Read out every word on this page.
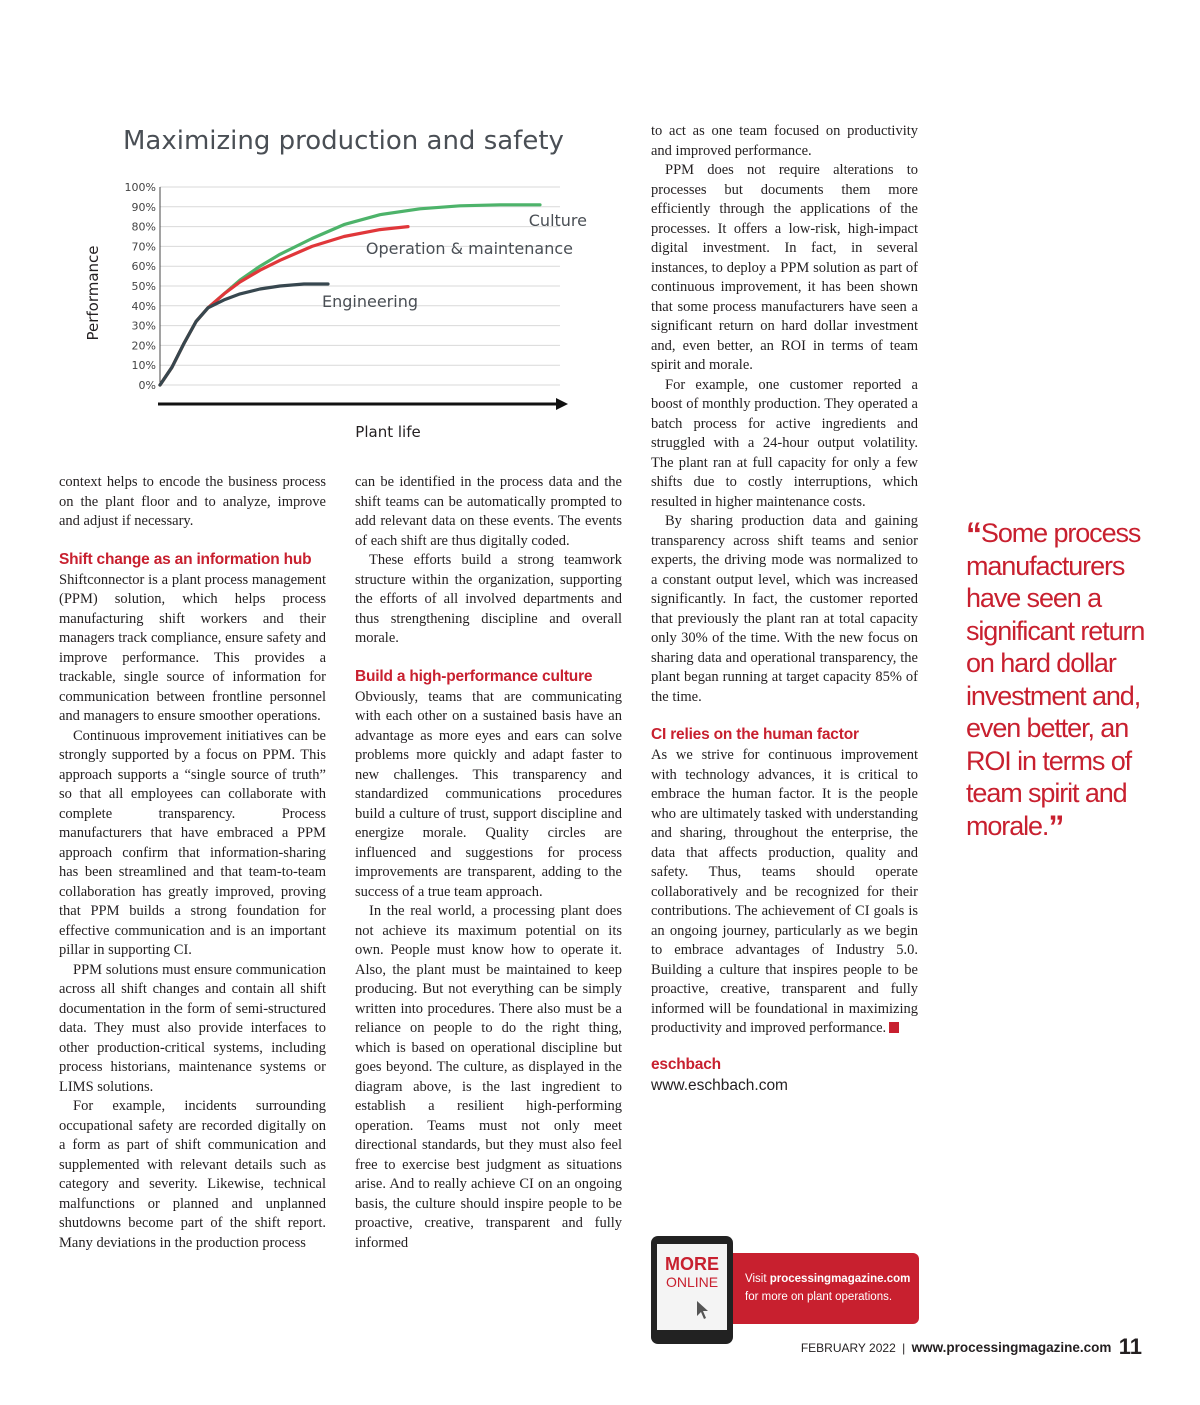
Maximizing production and safety
0%
10%
20%
30%
40%
50%
60%
70%
80%
90%
100%
Performance
Plant life
Culture
Operation & maintenance
Engineering

context helps to encode the business process on the plant floor and to analyze, improve and adjust if necessary.

Shift change as an information hub

Shiftconnector is a plant process management (PPM) solution, which helps process manufacturing shift workers and their managers track compliance, ensure safety and improve performance. This provides a trackable, single source of information for communication between frontline personnel and managers to ensure smoother operations.

Continuous improvement initiatives can be strongly supported by a focus on PPM. This approach supports a “single source of truth” so that all employees can collaborate with complete transparency. Process manufacturers that have embraced a PPM approach confirm that information-sharing has been streamlined and that team-to-team collaboration has greatly improved, proving that PPM builds a strong foundation for effective communication and is an important pillar in supporting CI.

PPM solutions must ensure communication across all shift changes and contain all shift documentation in the form of semi-structured data. They must also provide interfaces to other production-critical systems, including process historians, maintenance systems or LIMS solutions.

For example, incidents surrounding occupational safety are recorded digitally on a form as part of shift communication and supplemented with relevant details such as category and severity. Likewise, technical malfunctions or planned and unplanned shutdowns become part of the shift report. Many deviations in the production process

can be identified in the process data and the shift teams can be automatically prompted to add relevant data on these events. The events of each shift are thus digitally coded.

These efforts build a strong teamwork structure within the organization, supporting the efforts of all involved departments and thus strengthening discipline and overall morale.

Build a high-performance culture

Obviously, teams that are communicating with each other on a sustained basis have an advantage as more eyes and ears can solve problems more quickly and adapt faster to new challenges. This transparency and standardized communications procedures build a culture of trust, support discipline and energize morale. Quality circles are influenced and suggestions for process improvements are transparent, adding to the success of a true team approach.

In the real world, a processing plant does not achieve its maximum potential on its own. People must know how to operate it. Also, the plant must be maintained to keep producing. But not everything can be simply written into procedures. There also must be a reliance on people to do the right thing, which is based on operational discipline but goes beyond. The culture, as displayed in the diagram above, is the last ingredient to establish a resilient high-performing operation. Teams must not only meet directional standards, but they must also feel free to exercise best judgment as situations arise. And to really achieve CI on an ongoing basis, the culture should inspire people to be proactive, creative, transparent and fully informed

to act as one team focused on productivity and improved performance.

PPM does not require alterations to processes but documents them more efficiently through the applications of the processes. It offers a low-risk, high-impact digital investment. In fact, in several instances, to deploy a PPM solution as part of continuous improvement, it has been shown that some process manufacturers have seen a significant return on hard dollar investment and, even better, an ROI in terms of team spirit and morale.

For example, one customer reported a boost of monthly production. They operated a batch process for active ingredients and struggled with a 24-hour output volatility. The plant ran at full capacity for only a few shifts due to costly interruptions, which resulted in higher maintenance costs.

By sharing production data and gaining transparency across shift teams and senior experts, the driving mode was normalized to a constant output level, which was increased significantly. In fact, the customer reported that previously the plant ran at total capacity only 30% of the time. With the new focus on sharing data and operational transparency, the plant began running at target capacity 85% of the time.

CI relies on the human factor

As we strive for continuous improvement with technology advances, it is critical to embrace the human factor. It is the people who are ultimately tasked with understanding and sharing, throughout the enterprise, the data that affects production, quality and safety. Thus, teams should operate collaboratively and be recognized for their contributions. The achievement of CI goals is an ongoing journey, particularly as we begin to embrace advantages of Industry 5.0. Building a culture that inspires people to be proactive, creative, transparent and fully informed will be foundational in maximizing productivity and improved performance.

eschbach
www.eschbach.com
“Some process manufacturers have seen a significant return on hard dollar investment and, even better, an ROI in terms of team spirit and morale.”
MORE
ONLINE	Visit processingmagazine.com
for more on plant operations.
FEBRUARY 2022 | www.processingmagazine.com 11
